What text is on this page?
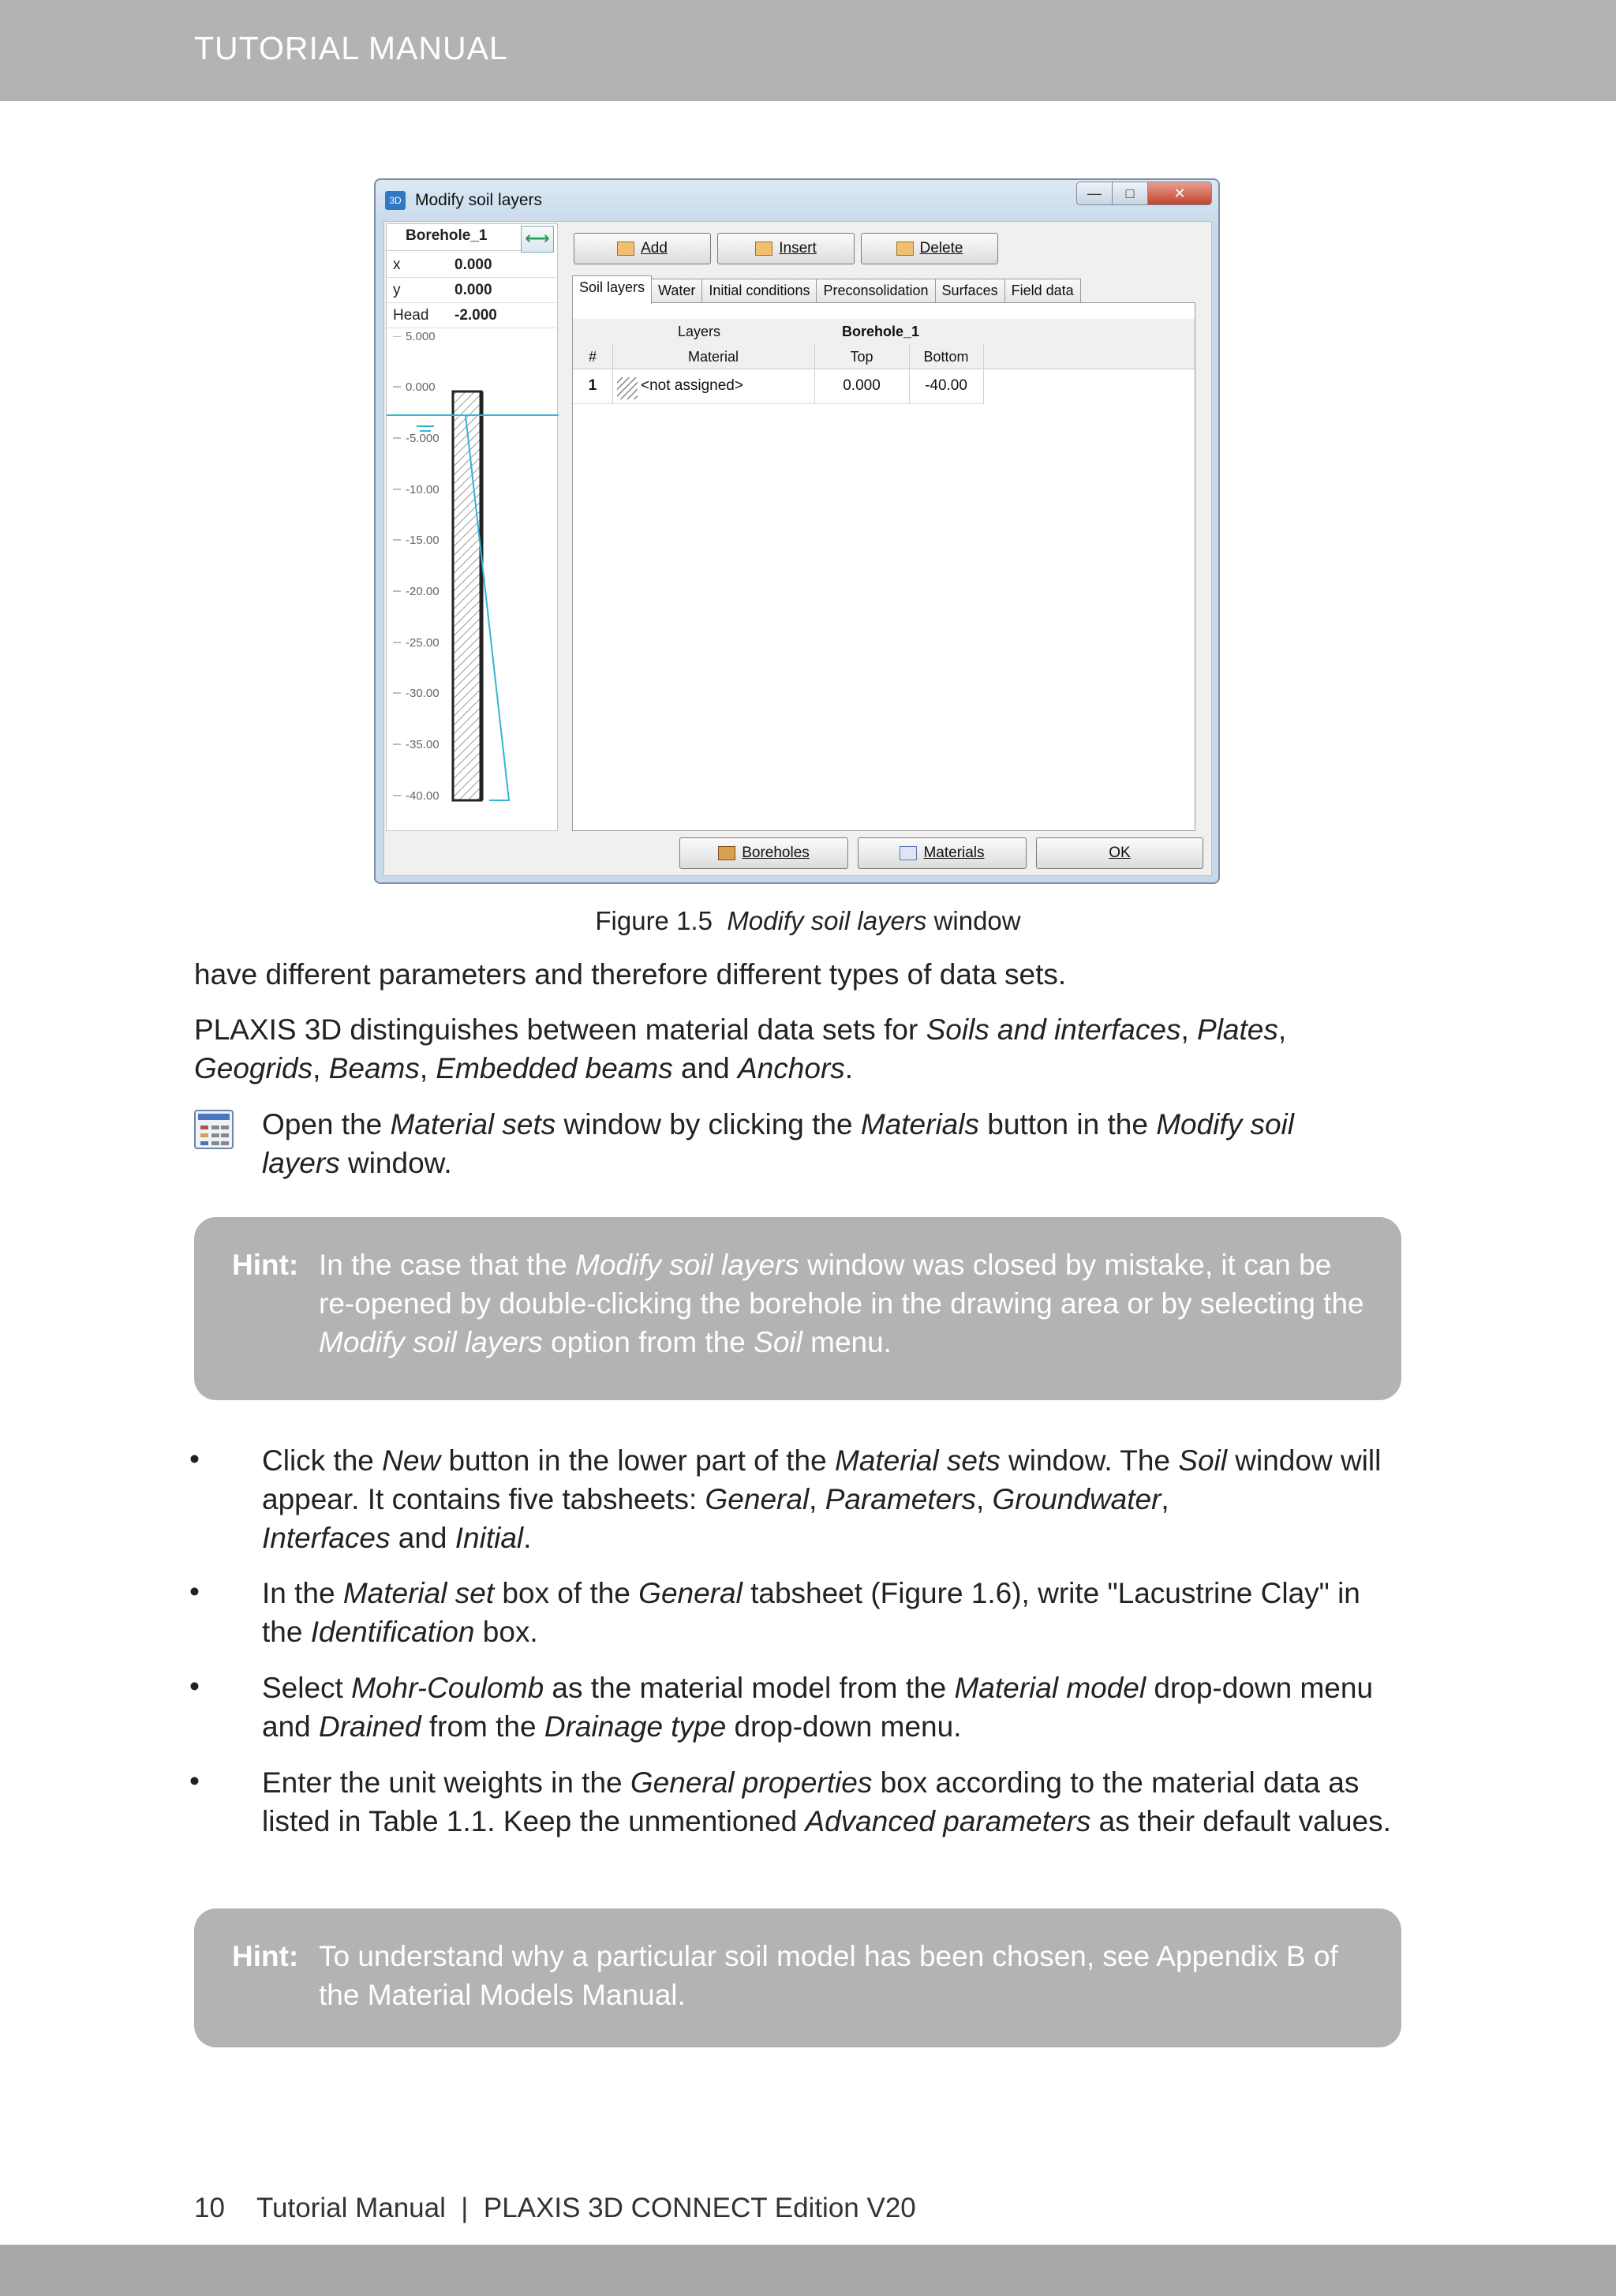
TUTORIAL MANUAL
3D Modify soil layers	—	□	✕
Borehole_1	⟷
x	0.000
y	0.000
Head -2.000
5.000
0.000
-5.000
-10.00
-15.00
-20.00
-25.00
-30.00
-35.00
-40.00
Add	Insert	Delete
Soil layers Water Initial conditions Preconsolidation Surfaces Field data
Layers	Borehole_1
#	Material	Top	Bottom
1	<not assigned>	0.000	-40.00
Boreholes	Materials	OK
Figure 1.5 Modify soil layers window
have different parameters and therefore different types of data sets.
PLAXIS 3D distinguishes between material data sets for Soils and interfaces, Plates,
Geogrids, Beams, Embedded beams and Anchors.
Open the Material sets window by clicking the Materials button in the Modify soil
layers window.
Hint: In the case that the Modify soil layers window was closed by mistake, it can be re-opened by double-clicking the borehole in the drawing area or by selecting the Modify soil layers option from the Soil menu.
• Click the New button in the lower part of the Material sets window. The Soil window will appear. It contains five tabsheets: General, Parameters, Groundwater,
Interfaces and Initial.
• In the Material set box of the General tabsheet (Figure 1.6), write "Lacustrine Clay" in the Identification box.
• Select Mohr-Coulomb as the material model from the Material model drop-down menu and Drained from the Drainage type drop-down menu.
• Enter the unit weights in the General properties box according to the material data as listed in Table 1.1. Keep the unmentioned Advanced parameters as their default values.
Hint: To understand why a particular soil model has been chosen, see Appendix B of the Material Models Manual.
10 Tutorial Manual  |  PLAXIS 3D CONNECT Edition V20
